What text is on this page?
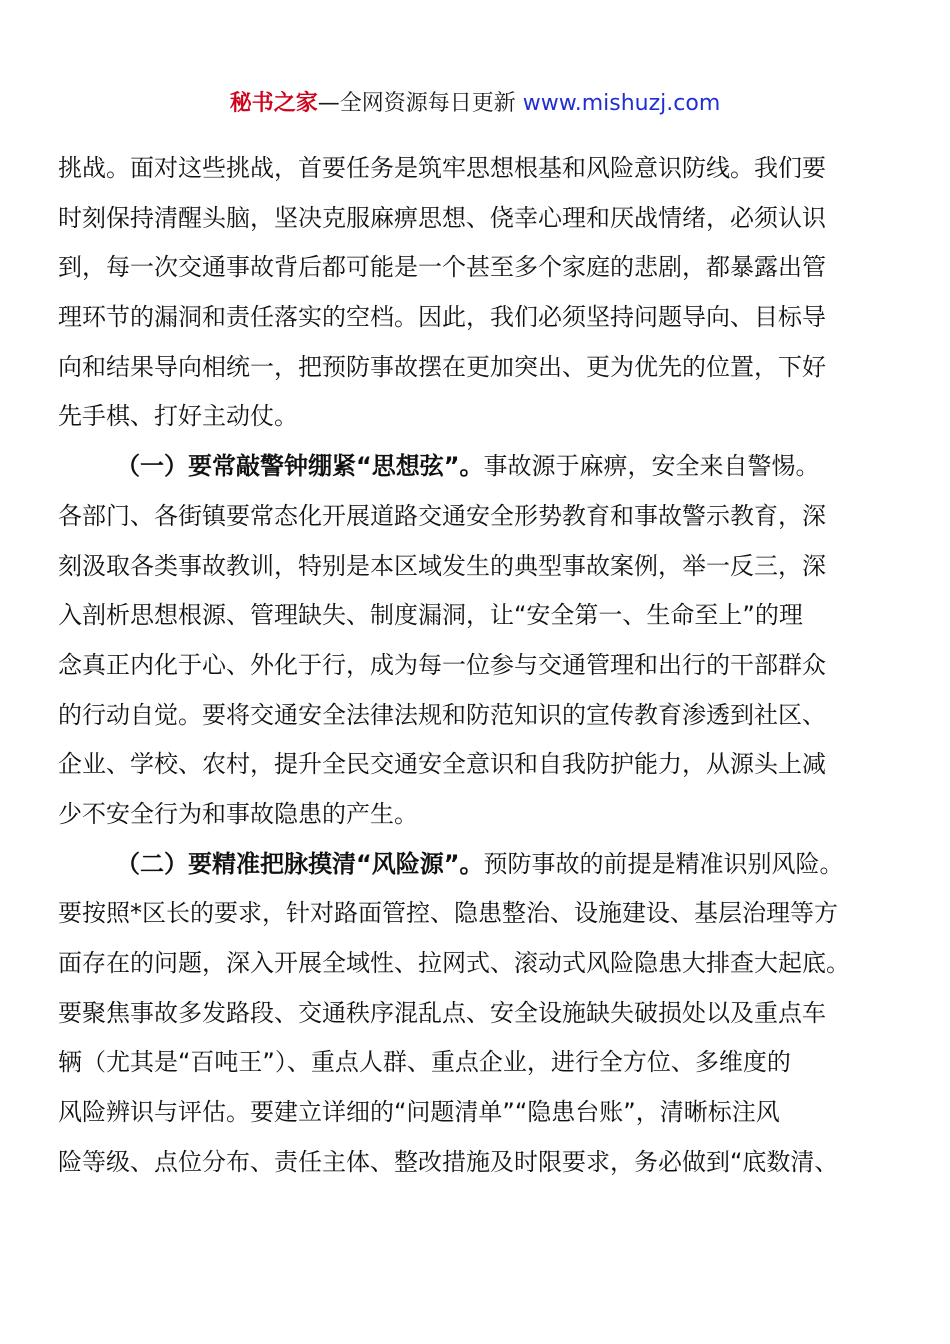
秘书之家—全网资源每日更新 www.mishuzj.com
挑战。面对这些挑战，首要任务是筑牢思想根基和风险意识防线。我们要
时刻保持清醒头脑，坚决克服麻痹思想、侥幸心理和厌战情绪，必须认识
到，每一次交通事故背后都可能是一个甚至多个家庭的悲剧，都暴露出管
理环节的漏洞和责任落实的空档。因此，我们必须坚持问题导向、目标导
向和结果导向相统一，把预防事故摆在更加突出、更为优先的位置，下好
先手棋、打好主动仗。
（一）要常敲警钟绷紧“思想弦”。事故源于麻痹，安全来自警惕。
各部门、各街镇要常态化开展道路交通安全形势教育和事故警示教育，深
刻汲取各类事故教训，特别是本区域发生的典型事故案例，举一反三，深
入剖析思想根源、管理缺失、制度漏洞，让“安全第一、生命至上”的理
念真正内化于心、外化于行，成为每一位参与交通管理和出行的干部群众
的行动自觉。要将交通安全法律法规和防范知识的宣传教育渗透到社区、
企业、学校、农村，提升全民交通安全意识和自我防护能力，从源头上减
少不安全行为和事故隐患的产生。
（二）要精准把脉摸清“风险源”。预防事故的前提是精准识别风险。
要按照*区长的要求，针对路面管控、隐患整治、设施建设、基层治理等方
面存在的问题，深入开展全域性、拉网式、滚动式风险隐患大排查大起底。
要聚焦事故多发路段、交通秩序混乱点、安全设施缺失破损处以及重点车
辆（尤其是“百吨王”）、重点人群、重点企业，进行全方位、多维度的
风险辨识与评估。要建立详细的“问题清单”“隐患台账”，清晰标注风
险等级、点位分布、责任主体、整改措施及时限要求，务必做到“底数清、
